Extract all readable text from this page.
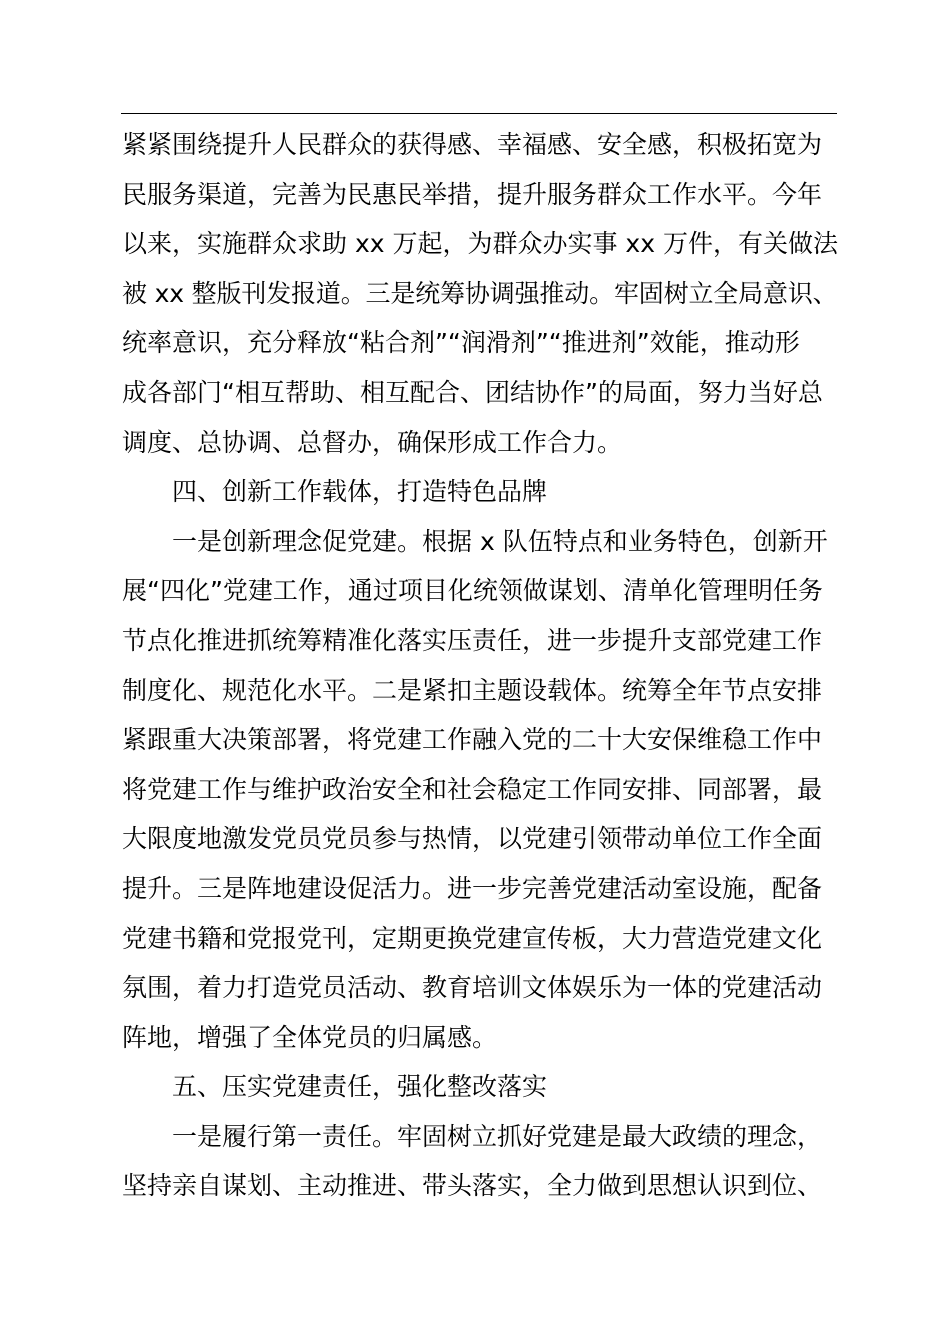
紧紧围绕提升人民群众的获得感、幸福感、安全感，积极拓宽为
民服务渠道，完善为民惠民举措，提升服务群众工作水平。今年
以来，实施群众求助 xx 万起，为群众办实事 xx 万件，有关做法
被 xx 整版刊发报道。三是统筹协调强推动。牢固树立全局意识、
统率意识，充分释放“粘合剂”“润滑剂”“推进剂”效能，推动形
成各部门“相互帮助、相互配合、团结协作”的局面，努力当好总
调度、总协调、总督办，确保形成工作合力。
四、创新工作载体，打造特色品牌
一是创新理念促党建。根据 x 队伍特点和业务特色，创新开
展“四化”党建工作，通过项目化统领做谋划、清单化管理明任务
节点化推进抓统筹精准化落实压责任，进一步提升支部党建工作
制度化、规范化水平。二是紧扣主题设载体。统筹全年节点安排
紧跟重大决策部署，将党建工作融入党的二十大安保维稳工作中
将党建工作与维护政治安全和社会稳定工作同安排、同部署，最
大限度地激发党员党员参与热情，以党建引领带动单位工作全面
提升。三是阵地建设促活力。进一步完善党建活动室设施，配备
党建书籍和党报党刊，定期更换党建宣传板，大力营造党建文化
氛围，着力打造党员活动、教育培训文体娱乐为一体的党建活动
阵地，增强了全体党员的归属感。
五、压实党建责任，强化整改落实
一是履行第一责任。牢固树立抓好党建是最大政绩的理念，
坚持亲自谋划、主动推进、带头落实，全力做到思想认识到位、
